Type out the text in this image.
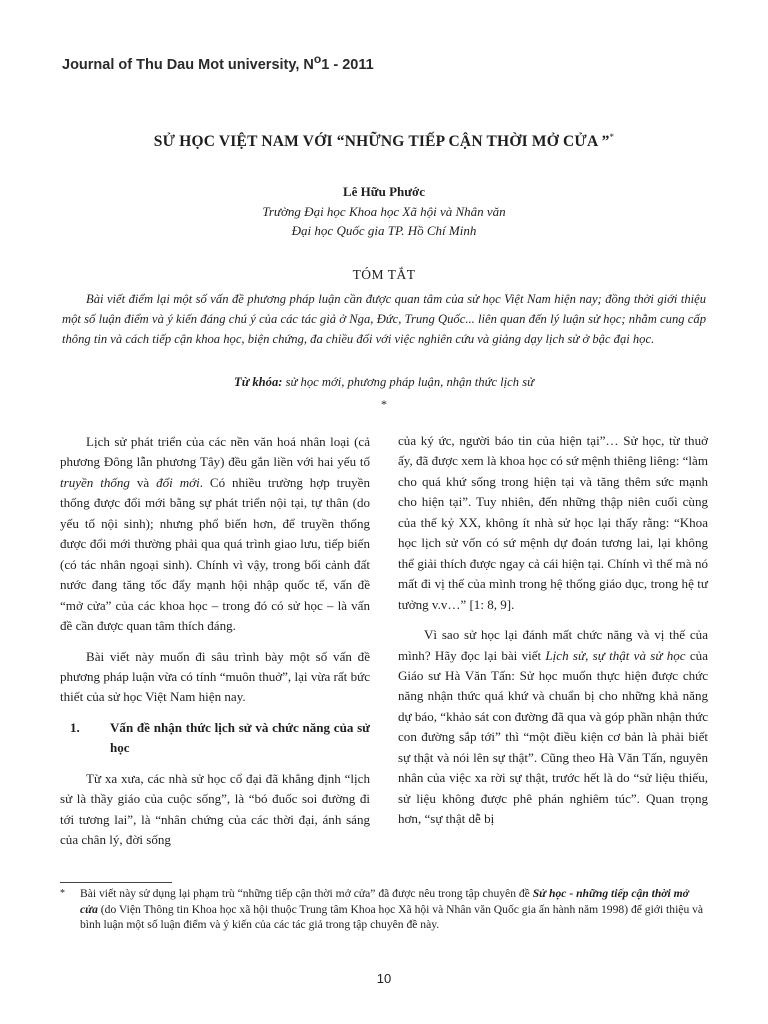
Journal of Thu Dau Mot university, $N^o1 - 2011$
SỬ HỌC VIỆT NAM VỚI “NHỮNG TIẾP CẬN THỜI MỞ CỬA ”*
Lê Hữu Phước
Trường Đại học Khoa học Xã hội và Nhân văn
Đại học Quốc gia TP. Hồ Chí Minh
TÓM TẮT
Bài viết điểm lại một số vấn đề phương pháp luận cần được quan tâm của sử học Việt Nam hiện nay; đồng thời giới thiệu một số luận điểm và ý kiến đáng chú ý của các tác giả ở Nga, Đức, Trung Quốc... liên quan đến lý luận sử học; nhằm cung cấp thông tin và cách tiếp cận khoa học, biện chứng, đa chiều đối với việc nghiên cứu và giảng dạy lịch sử ở bậc đại học.
Từ khóa: sử học mới, phương pháp luận, nhận thức lịch sử
*

Lịch sử phát triển của các nền văn hoá nhân loại (cả phương Đông lẫn phương Tây) đều gắn liền với hai yếu tố truyền thống và đổi mới. Có nhiều trường hợp truyền thống được đổi mới bằng sự phát triển nội tại, tự thân (do yếu tố nội sinh); nhưng phổ biến hơn, để truyền thống được đổi mới thường phải qua quá trình giao lưu, tiếp biến (có tác nhân ngoại sinh). Chính vì vậy, trong bối cảnh đất nước đang tăng tốc đẩy mạnh hội nhập quốc tế, vấn đề “mở cửa” của các khoa học – trong đó có sử học – là vấn đề cần được quan tâm thích đáng.

Bài viết này muốn đi sâu trình bày một số vấn đề phương pháp luận vừa có tính “muôn thuở”, lại vừa rất bức thiết của sử học Việt Nam hiện nay.

1. Vấn đề nhận thức lịch sử và chức năng của sử học

Từ xa xưa, các nhà sử học cổ đại đã khẳng định “lịch sử là thầy giáo của cuộc sống”, là “bó đuốc soi đường đi tới tương lai”, là “nhân chứng của các thời đại, ánh sáng của chân lý, đời sống

của ký ức, người báo tin của hiện tại”… Sử học, từ thuở ấy, đã được xem là khoa học có sứ mệnh thiêng liêng: “làm cho quá khứ sống trong hiện tại và tăng thêm sức mạnh cho hiện tại”. Tuy nhiên, đến những thập niên cuối cùng của thế kỷ XX, không ít nhà sử học lại thấy rằng: “Khoa học lịch sử vốn có sứ mệnh dự đoán tương lai, lại không thể giải thích được ngay cả cái hiện tại. Chính vì thế mà nó mất đi vị thế của mình trong hệ thống giáo dục, trong hệ tư tưởng v.v…” [1: 8, 9].

Vì sao sử học lại đánh mất chức năng và vị thế của mình? Hãy đọc lại bài viết Lịch sử, sự thật và sử học của Giáo sư Hà Văn Tấn: Sử học muốn thực hiện được chức năng nhận thức quá khứ và chuẩn bị cho những khả năng dự báo, “khảo sát con đường đã qua và góp phần nhận thức con đường sắp tới” thì “một điều kiện cơ bản là phải biết sự thật và nói lên sự thật”. Cũng theo Hà Văn Tấn, nguyên nhân của việc xa rời sự thật, trước hết là do “sử liệu thiếu, sử liệu không được phê phán nghiêm túc”. Quan trọng hơn, “sự thật dễ bị

* Bài viết này sử dụng lại phạm trù “những tiếp cận thời mở cửa” đã được nêu trong tập chuyên đề Sử học - những tiếp cận thời mở cửa (do Viện Thông tin Khoa học xã hội thuộc Trung tâm Khoa học Xã hội và Nhân văn Quốc gia ấn hành năm 1998) để giới thiệu và bình luận một số luận điểm và ý kiến của các tác giả trong tập chuyên đề này.
10
